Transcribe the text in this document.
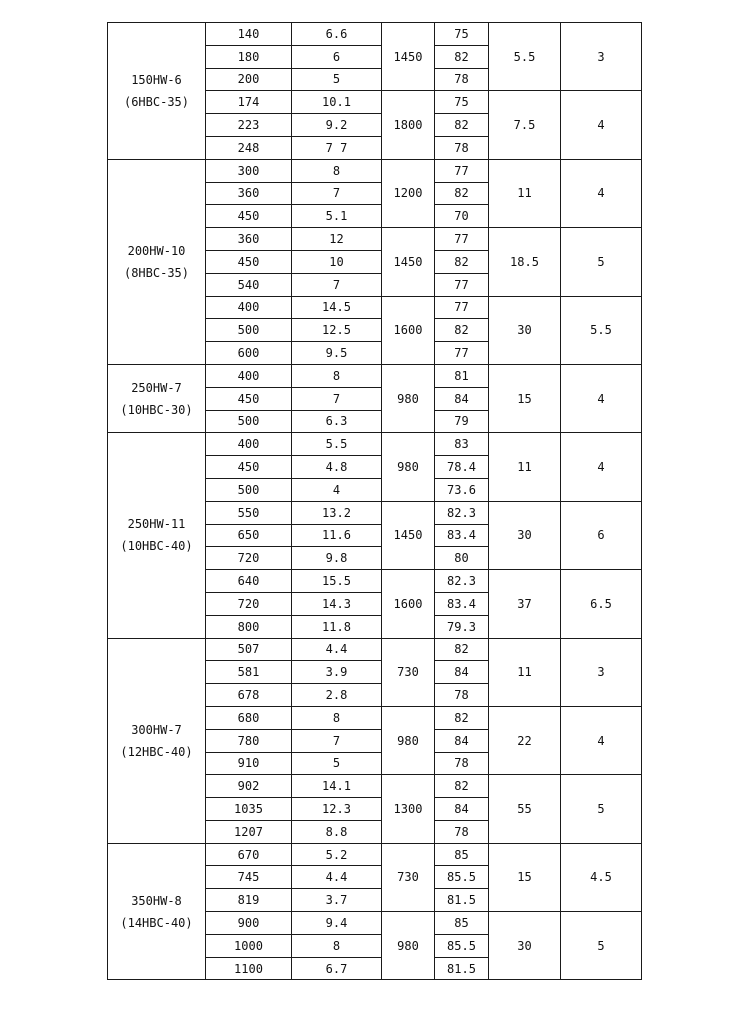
150HW-6
(6HBC-35)	140	6.6	1450	75	5.5	3
	180	6		82		
	200	5		78		
	174	10.1	1800	75	7.5	4
	223	9.2		82		
	248	7 7		78		

200HW-10
(8HBC-35)	300	8	1200	77	11	4
	360	7		82		
	450	5.1		70		
	360	12	1450	77	18.5	5
	450	10		82		
	540	7		77		
	400	14.5	1600	77	30	5.5
	500	12.5		82		
	600	9.5		77		

250HW-7
(10HBC-30)	400	8	980	81	15	4
	450	7		84		
	500	6.3		79		

250HW-11
(10HBC-40)	400	5.5	980	83	11	4
	450	4.8		78.4		
	500	4		73.6		
	550	13.2	1450	82.3	30	6
	650	11.6		83.4		
	720	9.8		80		
	640	15.5	1600	82.3	37	6.5
	720	14.3		83.4		
	800	11.8		79.3		

300HW-7
(12HBC-40)	507	4.4	730	82	11	3
	581	3.9		84		
	678	2.8		78		
	680	8	980	82	22	4
	780	7		84		
	910	5		78		
	902	14.1	1300	82	55	5
	1035	12.3		84		
	1207	8.8		78		

350HW-8
(14HBC-40)	670	5.2	730	85	15	4.5
	745	4.4		85.5		
	819	3.7		81.5		
	900	9.4	980	85	30	5
	1000	8		85.5		
	1100	6.7		81.5		
